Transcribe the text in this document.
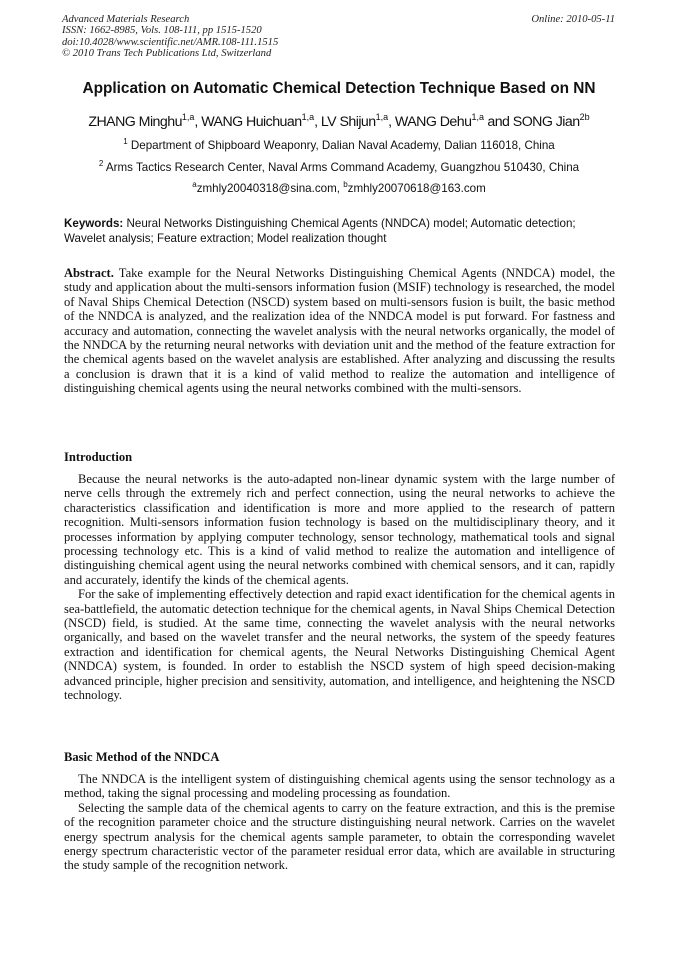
Advanced Materials Research
ISSN: 1662-8985, Vols. 108-111, pp 1515-1520
doi:10.4028/www.scientific.net/AMR.108-111.1515
© 2010 Trans Tech Publications Ltd, Switzerland
Online: 2010-05-11
Application on Automatic Chemical Detection Technique Based on NN
ZHANG Minghu$^{1,a}$, WANG Huichuan$^{1,a}$, LV Shijun$^{1,a}$, WANG Dehu$^{1,a}$ and SONG Jian$^{2b}$
$^1$ Department of Shipboard Weaponry, Dalian Naval Academy, Dalian 116018, China
$^2$ Arms Tactics Research Center, Naval Arms Command Academy, Guangzhou 510430, China
$^a$zmhly20040318@sina.com, $^b$zmhly20070618@163.com
Keywords: Neural Networks Distinguishing Chemical Agents (NNDCA) model; Automatic detection; Wavelet analysis; Feature extraction; Model realization thought

Abstract. Take example for the Neural Networks Distinguishing Chemical Agents (NNDCA) model, the study and application about the multi-sensors information fusion (MSIF) technology is researched, the model of Naval Ships Chemical Detection (NSCD) system based on multi-sensors fusion is built, the basic method of the NNDCA is analyzed, and the realization idea of the NNDCA model is put forward. For fastness and accuracy and automation, connecting the wavelet analysis with the neural networks organically, the model of the NNDCA by the returning neural networks with deviation unit and the method of the feature extraction for the chemical agents based on the wavelet analysis are established. After analyzing and discussing the results a conclusion is drawn that it is a kind of valid method to realize the automation and intelligence of distinguishing chemical agents using the neural networks combined with the multi-sensors.

Introduction

Because the neural networks is the auto-adapted non-linear dynamic system with the large number of nerve cells through the extremely rich and perfect connection, using the neural networks to achieve the characteristics classification and identification is more and more applied to the research of pattern recognition. Multi-sensors information fusion technology is based on the multidisciplinary theory, and it processes information by applying computer technology, sensor technology, mathematical tools and signal processing technology etc. This is a kind of valid method to realize the automation and intelligence of distinguishing chemical agent using the neural networks combined with chemical sensors, and it can, rapidly and accurately, identify the kinds of the chemical agents.

For the sake of implementing effectively detection and rapid exact identification for the chemical agents in sea-battlefield, the automatic detection technique for the chemical agents, in Naval Ships Chemical Detection (NSCD) field, is studied. At the same time, connecting the wavelet analysis with the neural networks organically, and based on the wavelet transfer and the neural networks, the system of the speedy features extraction and identification for chemical agents, the Neural Networks Distinguishing Chemical Agent (NNDCA) system, is founded. In order to establish the NSCD system of high speed decision-making advanced principle, higher precision and sensitivity, automation, and intelligence, and heightening the NSCD technology.

Basic Method of the NNDCA

The NNDCA is the intelligent system of distinguishing chemical agents using the sensor technology as a method, taking the signal processing and modeling processing as foundation.

Selecting the sample data of the chemical agents to carry on the feature extraction, and this is the premise of the recognition parameter choice and the structure distinguishing neural network. Carries on the wavelet energy spectrum analysis for the chemical agents sample parameter, to obtain the corresponding wavelet energy spectrum characteristic vector of the parameter residual error data, which are available in structuring the study sample of the recognition network.
